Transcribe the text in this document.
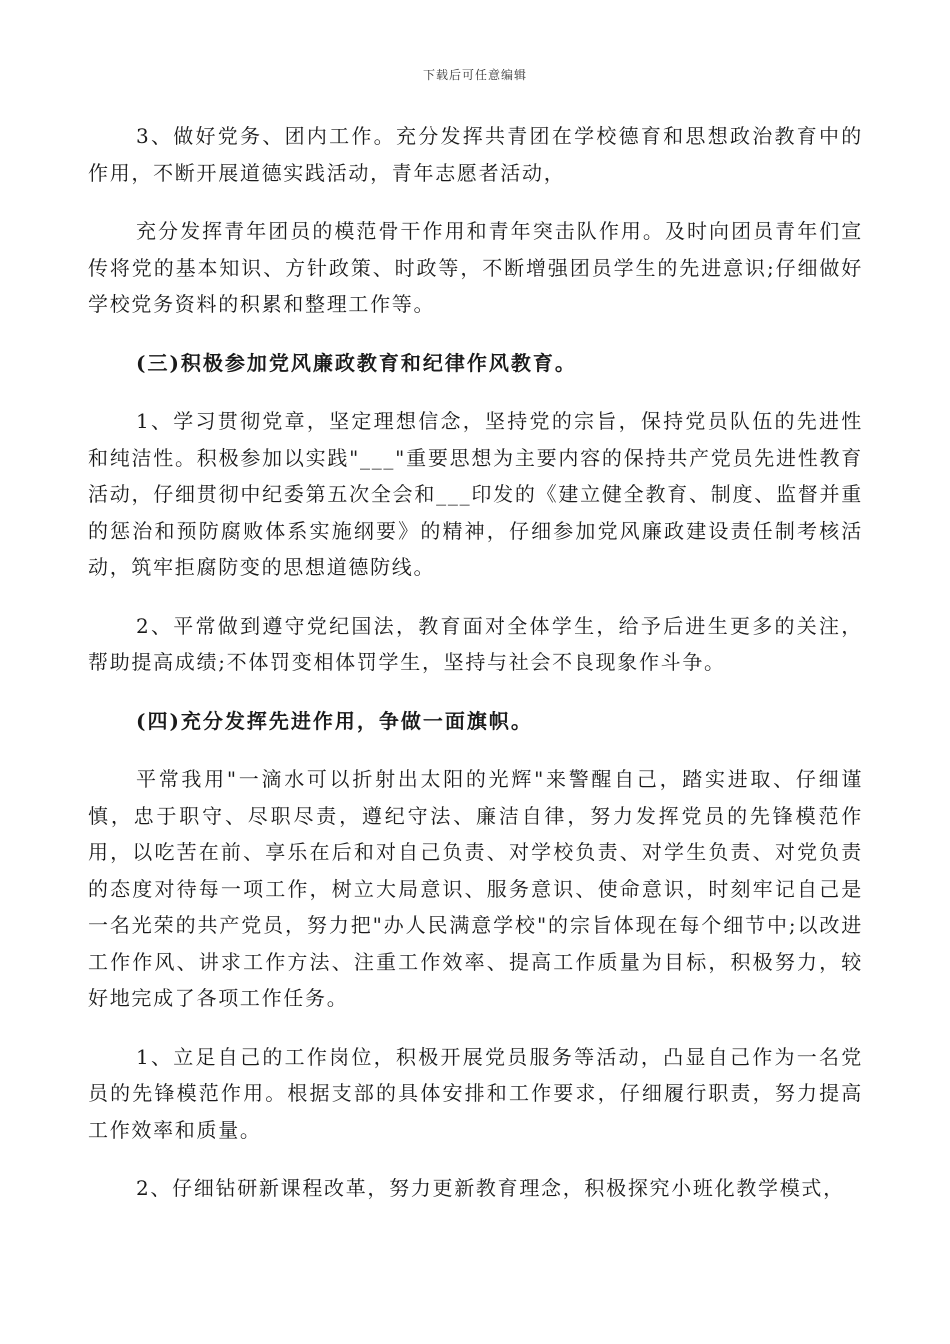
下载后可任意编辑

3、做好党务、团内工作。充分发挥共青团在学校德育和思想政治教育中的作用，不断开展道德实践活动，青年志愿者活动，

充分发挥青年团员的模范骨干作用和青年突击队作用。及时向团员青年们宣传将党的基本知识、方针政策、时政等，不断增强团员学生的先进意识;仔细做好学校党务资料的积累和整理工作等。

(三)积极参加党风廉政教育和纪律作风教育。

1、学习贯彻党章，坚定理想信念，坚持党的宗旨，保持党员队伍的先进性和纯洁性。积极参加以实践"___"重要思想为主要内容的保持共产党员先进性教育活动，仔细贯彻中纪委第五次全会和___印发的《建立健全教育、制度、监督并重的惩治和预防腐败体系实施纲要》的精神，仔细参加党风廉政建设责任制考核活动，筑牢拒腐防变的思想道德防线。

2、平常做到遵守党纪国法，教育面对全体学生，给予后进生更多的关注，帮助提高成绩;不体罚变相体罚学生，坚持与社会不良现象作斗争。

(四)充分发挥先进作用，争做一面旗帜。

平常我用"一滴水可以折射出太阳的光辉"来警醒自己，踏实进取、仔细谨慎，忠于职守、尽职尽责，遵纪守法、廉洁自律，努力发挥党员的先锋模范作用，以吃苦在前、享乐在后和对自己负责、对学校负责、对学生负责、对党负责的态度对待每一项工作，树立大局意识、服务意识、使命意识，时刻牢记自己是一名光荣的共产党员，努力把"办人民满意学校"的宗旨体现在每个细节中;以改进工作作风、讲求工作方法、注重工作效率、提高工作质量为目标，积极努力，较好地完成了各项工作任务。

1、立足自己的工作岗位，积极开展党员服务等活动，凸显自己作为一名党员的先锋模范作用。根据支部的具体安排和工作要求，仔细履行职责，努力提高工作效率和质量。

2、仔细钻研新课程改革，努力更新教育理念，积极探究小班化教学模式，
